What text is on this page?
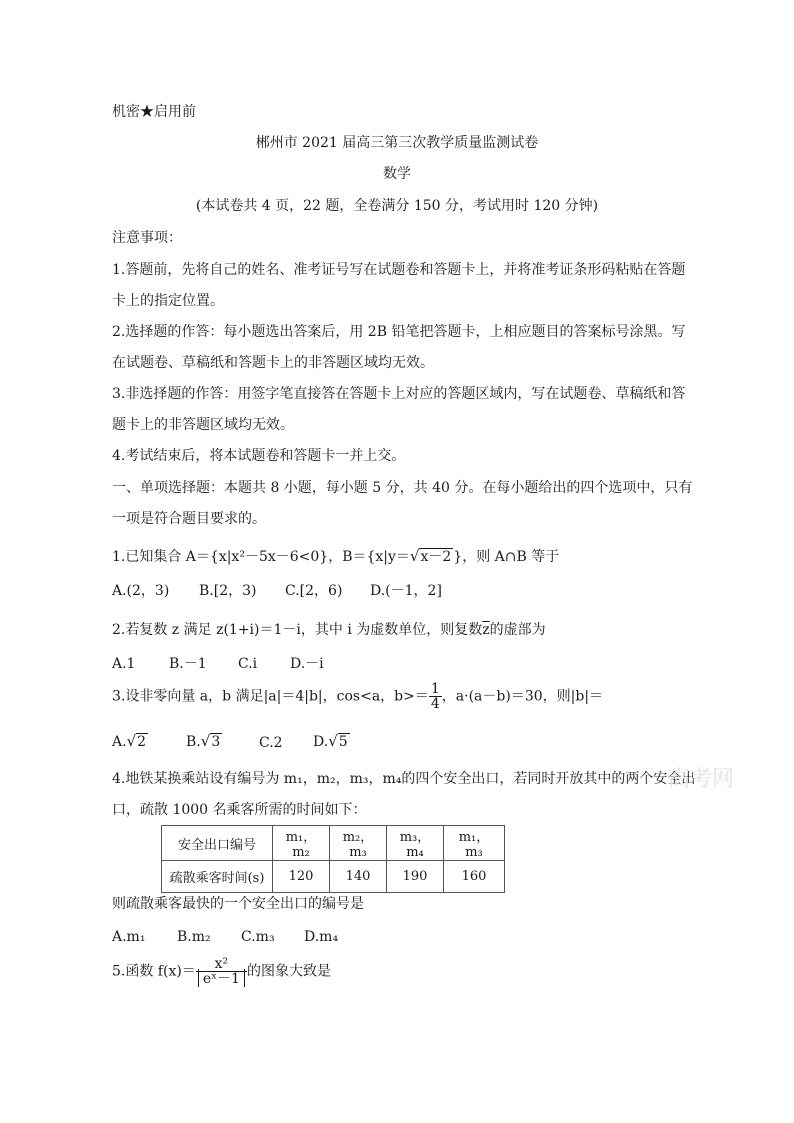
机密★启用前
郴州市 2021 届高三第三次教学质量监测试卷
数学
(本试卷共 4 页，22 题，全卷满分 150 分，考试用时 120 分钟)
注意事项：
1.答题前，先将自己的姓名、准考证号写在试题卷和答题卡上，并将准考证条形码粘贴在答题
卡上的指定位置。
2.选择题的作答：每小题选出答案后，用 2B 铅笔把答题卡，上相应题目的答案标号涂黑。写
在试题卷、草稿纸和答题卡上的非答题区域均无效。
3.非选择题的作答：用签字笔直接答在答题卡上对应的答题区域内，写在试题卷、草稿纸和答
题卡上的非答题区域均无效。
4.考试结束后，将本试题卷和答题卡一并上交。
一、单项选择题：本题共 8 小题，每小题 5 分，共 40 分。在每小题给出的四个选项中，只有
一项是符合题目要求的。
1.已知集合 A＝{x|x²－5x－6<0}，B＝{x|y＝√x－2 }，则 A∩B 等于
A.(2，3) B.[2，3) C.[2，6) D.(－1，2]
2.若复数 z 满足 z(1+i)＝1－i，其中 i 为虚数单位，则复数$\overline{z}$的虚部为
A.1 B.－1 C.i D.－i
3.设非零向量 a，b 满足|a|＝4|b|，cos<a，$b>= \frac{1}{4}$ ，a·(a－b)＝30，则|b|＝
A.√2	B.√3	C.2 D.√5
4.地铁某换乘站设有编号为 m₁，m₂，m₃，m₄的四个安全出口，若同时开放其中的两个安全出
高考网
口，疏散 1000 名乘客所需的时间如下：
安全出口编号	m₁，m₂	m₂，m₃	m₃，m₄	m₁，m₃
疏散乘客时间(s)	120	140	190	160
则疏散乘客最快的一个安全出口的编号是
A.m₁ B.m₂ C.m₃ D.m₄
5.函数 $f(x)= \frac{\text{x²}}{\text{eˣ－1}}$ 的图象大致是
